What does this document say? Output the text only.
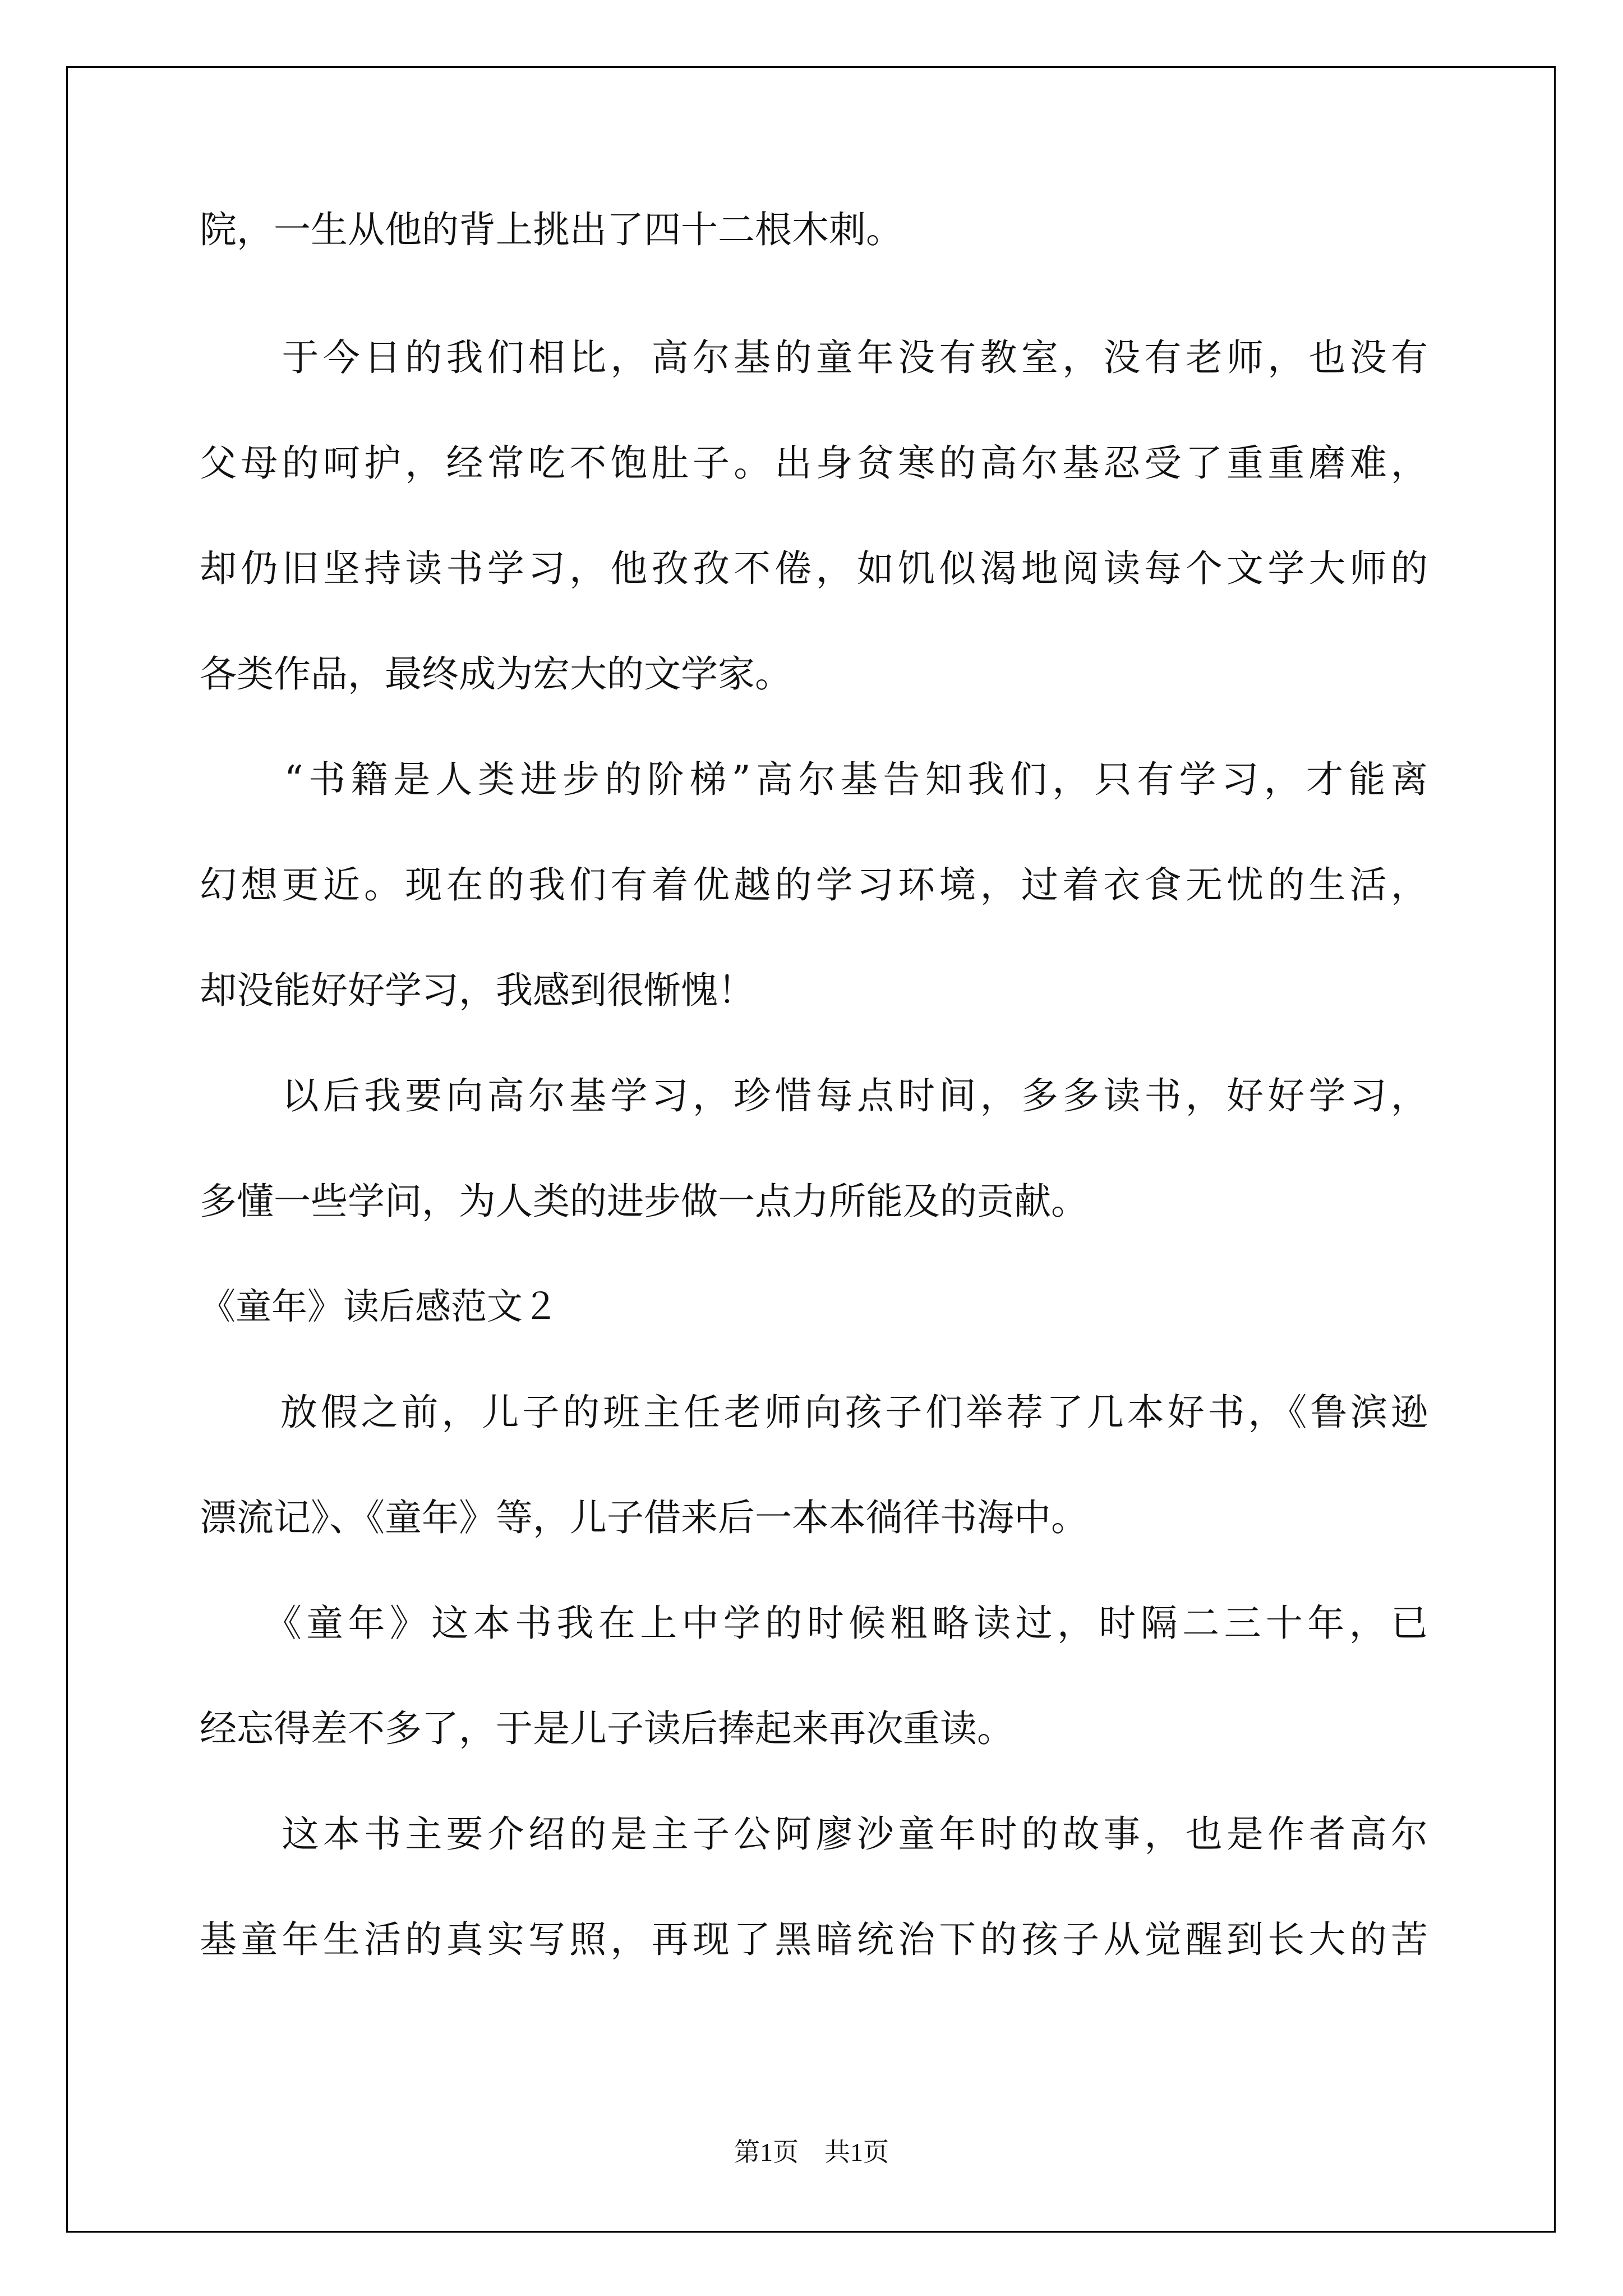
院，一生从他的背上挑出了四十二根木刺。
　　于今日的我们相比，高尔基的童年没有教室，没有老师，也没有
父母的呵护，经常吃不饱肚子。出身贫寒的高尔基忍受了重重磨难，
却仍旧坚持读书学习，他孜孜不倦，如饥似渴地阅读每个文学大师的
各类作品，最终成为宏大的文学家。
　　“书籍是人类进步的阶梯”高尔基告知我们，只有学习，才能离
幻想更近。现在的我们有着优越的学习环境，过着衣食无忧的生活，
却没能好好学习，我感到很惭愧！
　　以后我要向高尔基学习，珍惜每点时间，多多读书，好好学习，
多懂一些学问，为人类的进步做一点力所能及的贡献。
《童年》读后感范文２
　　放假之前，儿子的班主任老师向孩子们举荐了几本好书，《鲁滨逊
漂流记》、《童年》等，儿子借来后一本本徜徉书海中。
　　《童年》这本书我在上中学的时候粗略读过，时隔二三十年，已
经忘得差不多了，于是儿子读后捧起来再次重读。
　　这本书主要介绍的是主子公阿廖沙童年时的故事，也是作者高尔
基童年生活的真实写照，再现了黑暗统治下的孩子从觉醒到长大的苦
第1页　共1页
